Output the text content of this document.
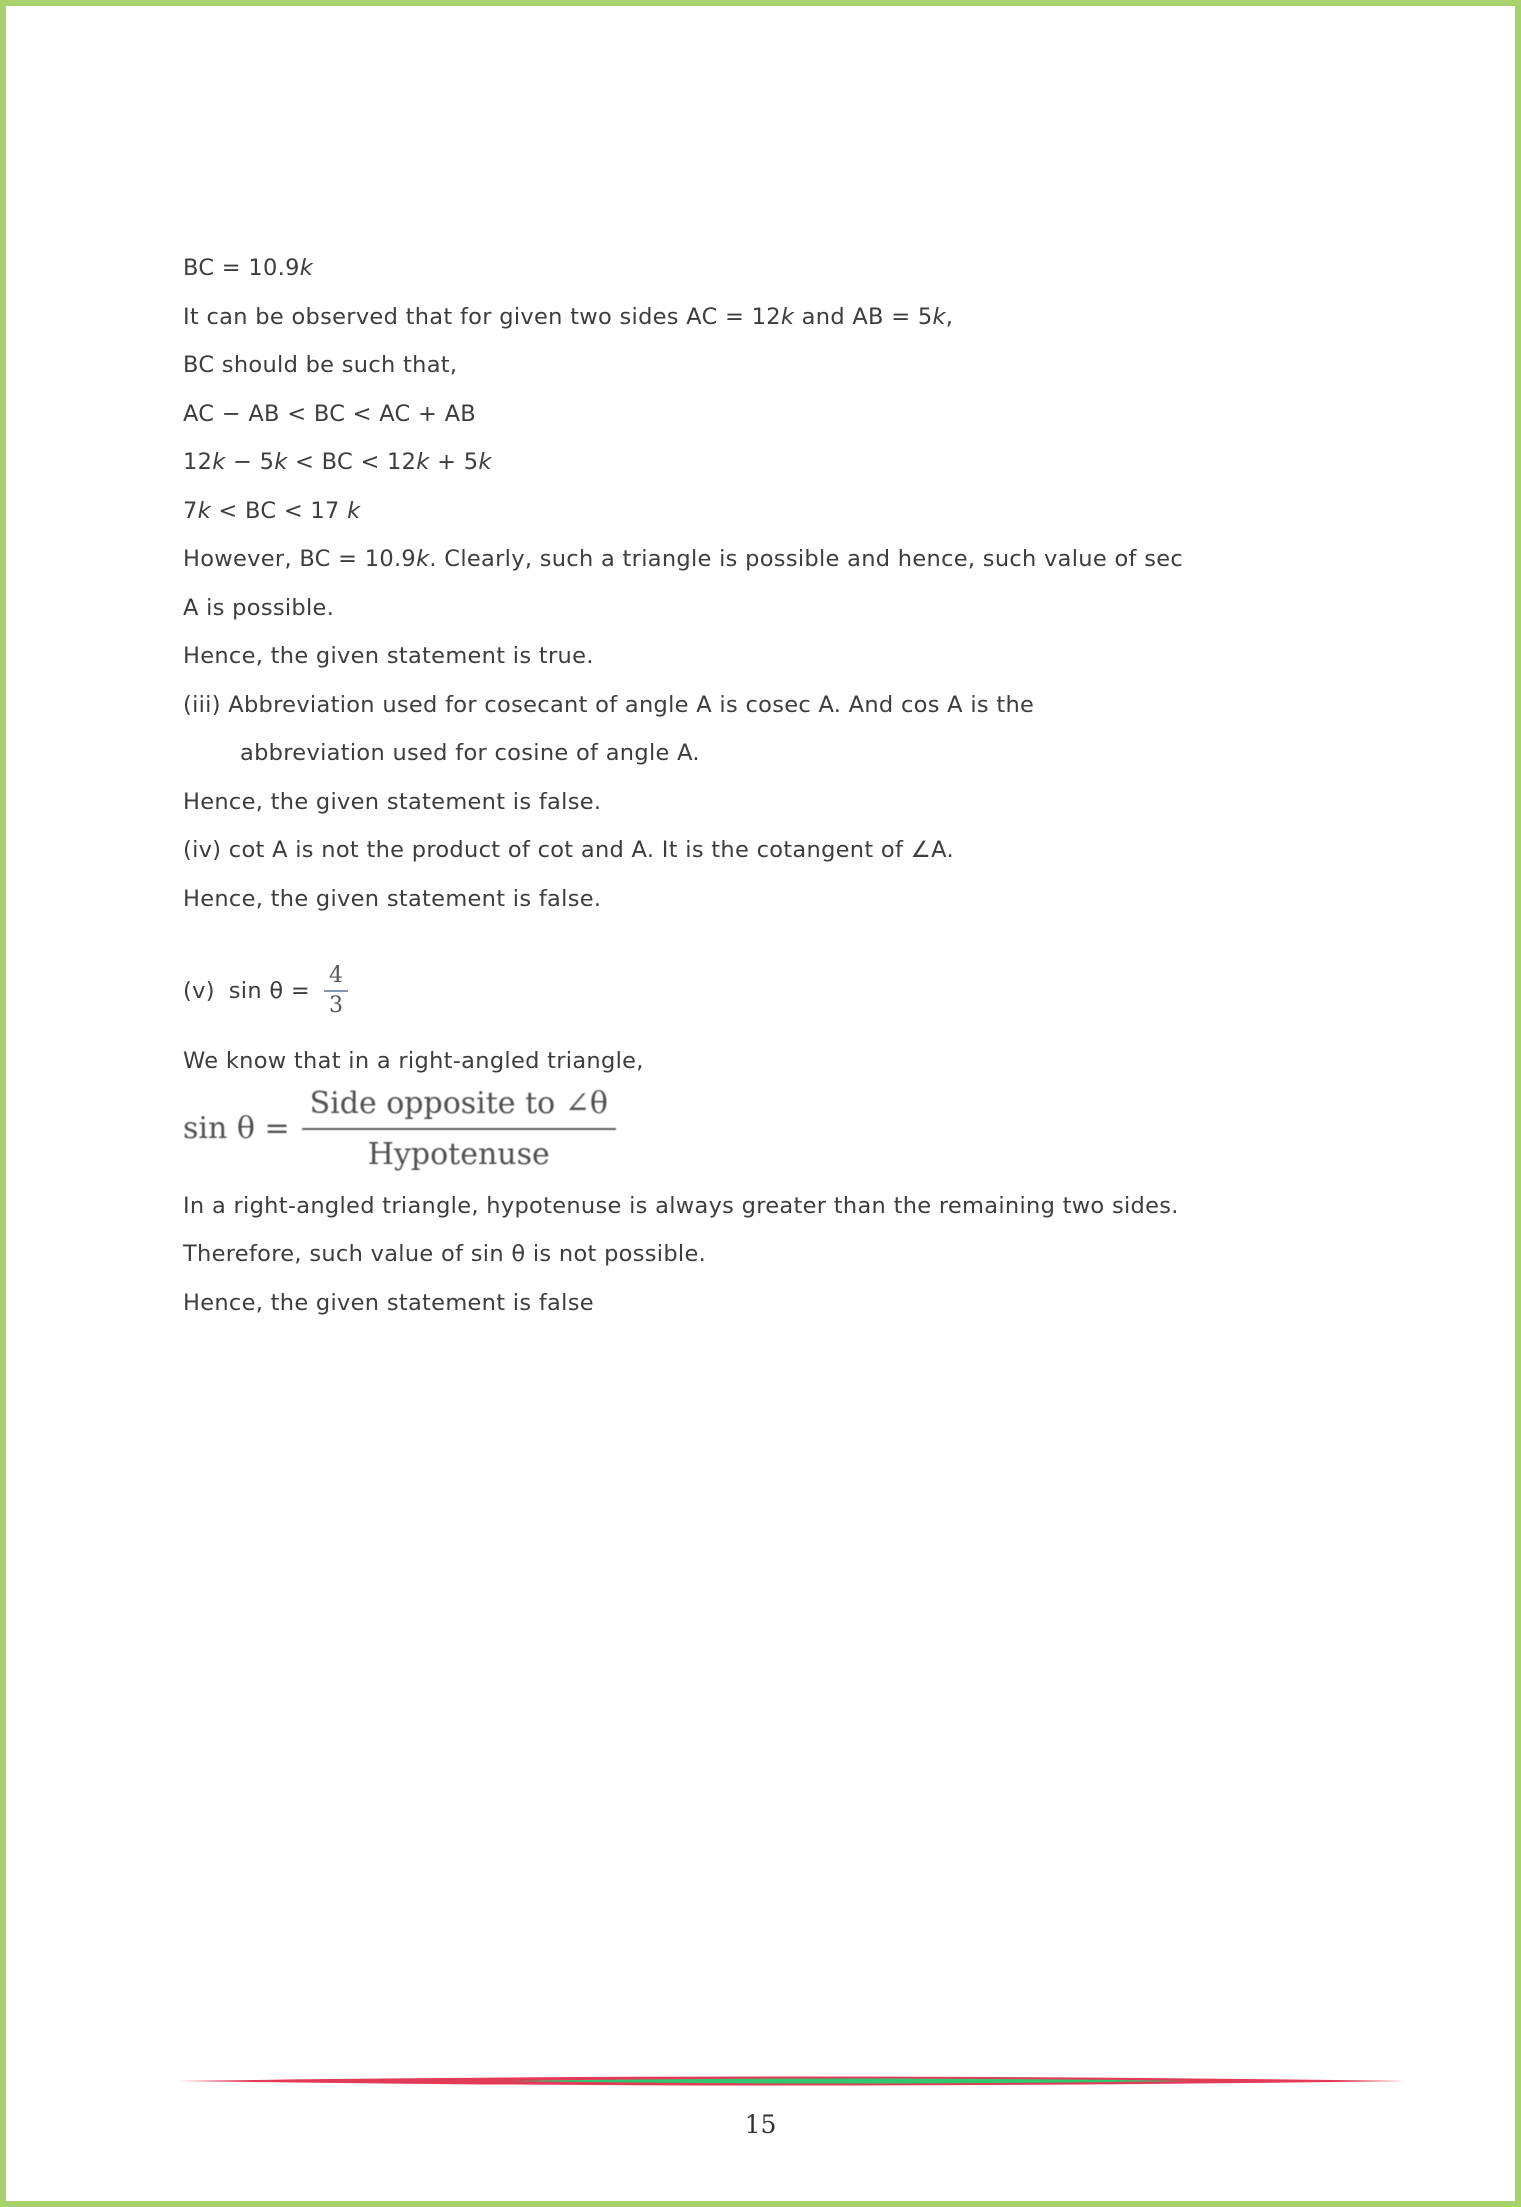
BC = 10.9k

It can be observed that for given two sides AC = 12k and AB = 5k,

BC should be such that,

AC − AB < BC < AC + AB

12k − 5k < BC < 12k + 5k

7k < BC < 17 k

However, BC = 10.9k. Clearly, such a triangle is possible and hence, such value of sec

A is possible.

Hence, the given statement is true.

(iii) Abbreviation used for cosecant of angle A is cosec A. And cos A is the

abbreviation used for cosine of angle A.

Hence, the given statement is false.

(iv) cot A is not the product of cot and A. It is the cotangent of ∠A.

Hence, the given statement is false.

(v) $\sin \theta = \frac{4}{3}$

We know that in a right-angled triangle,

$\sin \theta = \frac{\text{Side opposite to ∠θ}}{\text{Hypotenuse}}$

In a right-angled triangle, hypotenuse is always greater than the remaining two sides.

Therefore, such value of sin θ is not possible.

Hence, the given statement is false

15
